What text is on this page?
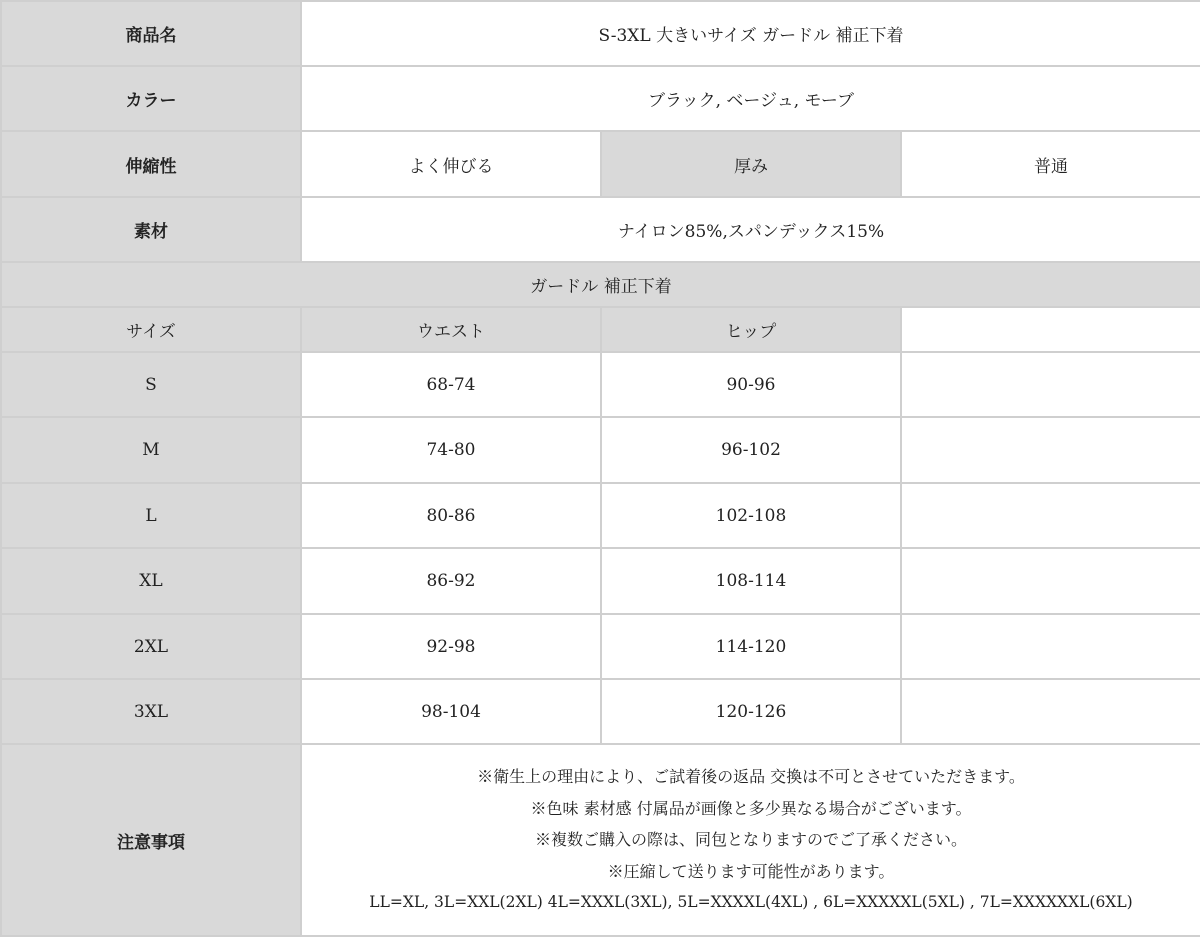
商品名	S-3XL 大きいサイズ ガードル 補正下着		
カラー	ブラック, ベージュ, モーブ		
伸縮性	よく伸びる	厚み	普通
素材	ナイロン85%,スパンデックス15%		
ガードル 補正下着			
サイズ	ウエスト	ヒップ	
S	68-74	90-96	
M	74-80	96-102	
L	80-86	102-108	
XL	86-92	108-114	
2XL	92-98	114-120	
3XL	98-104	120-126	
注意事項	※衛生上の理由により、ご試着後の返品 交換は不可とさせていただきます。
※色味 素材感 付属品が画像と多少異なる場合がございます。
※複数ご購入の際は、同包となりますのでご了承ください。
※圧縮して送ります可能性があります。
LL=XL, 3L=XXL(2XL) 4L=XXXL(3XL), 5L=XXXXL(4XL) , 6L=XXXXXL(5XL) , 7L=XXXXXXL(6XL)		
